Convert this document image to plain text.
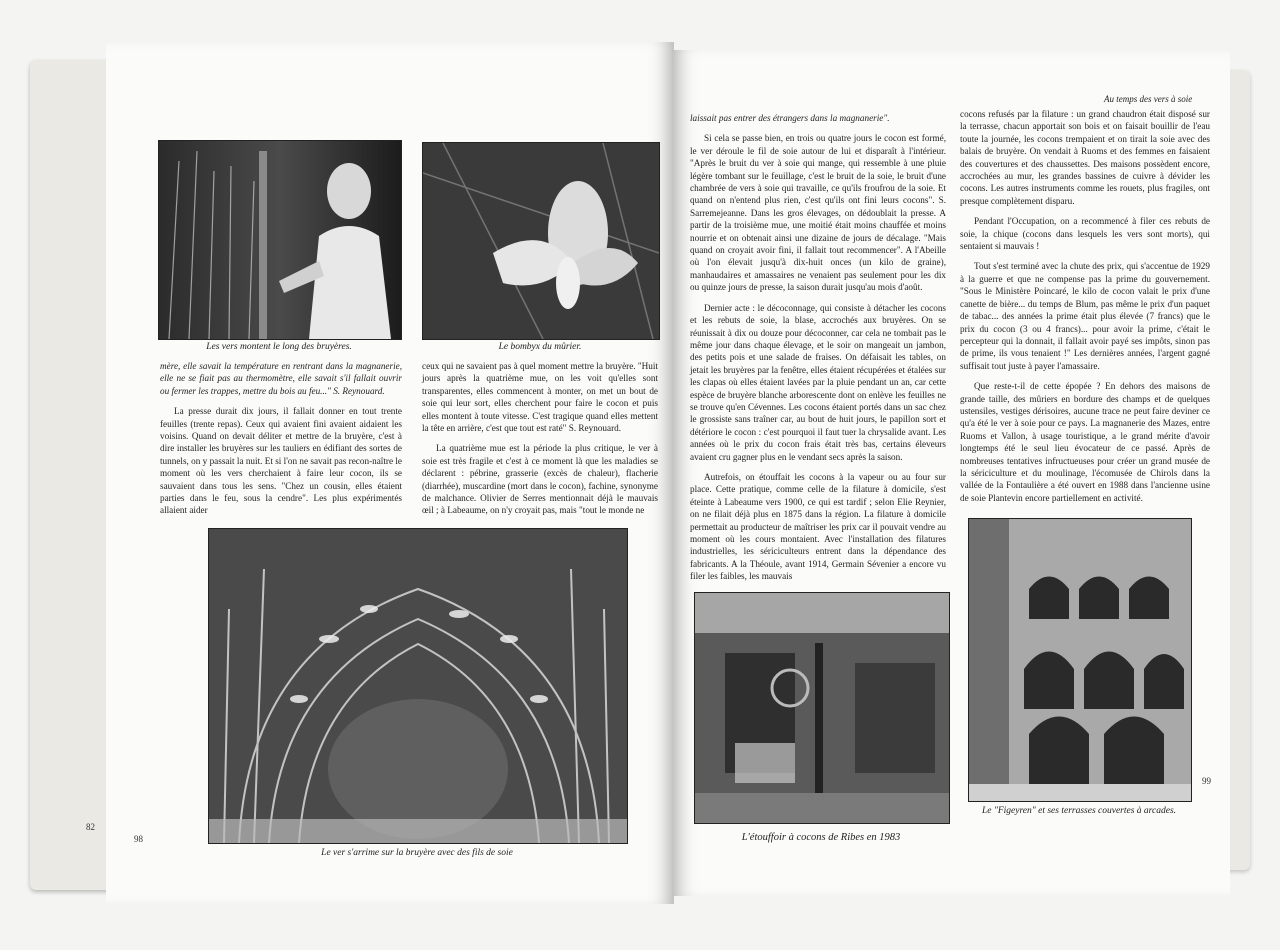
82
Les vers montent le long des bruyères.	Le bombyx du mûrier.

mère, elle savait la température en rentrant dans la magnanerie, elle ne se fiait pas au thermomètre, elle savait s'il fallait ouvrir ou fermer les trappes, mettre du bois au feu..." S. Reynouard.

La presse durait dix jours, il fallait donner en tout trente feuilles (trente repas). Ceux qui avaient fini avaient aidaient les voisins. Quand on devait déliter et mettre de la bruyère, c'est à dire installer les bruyères sur les tauliers en édifiant des sortes de tunnels, on y passait la nuit. Et si l'on ne savait pas recon-naître le moment où les vers cherchaient à faire leur cocon, ils se sauvaient dans tous les sens. "Chez un cousin, elles étaient parties dans le feu, sous la cendre". Les plus expérimentés allaient aider

ceux qui ne savaient pas à quel moment mettre la bruyère. "Huit jours après la quatrième mue, on les voit qu'elles sont transparentes, elles commencent à monter, on met un bout de soie qui leur sort, elles cherchent pour faire le cocon et puis elles montent à toute vitesse. C'est tragique quand elles mettent la tête en arrière, c'est que tout est raté" S. Reynouard.

La quatrième mue est la période la plus critique, le ver à soie est très fragile et c'est à ce moment là que les maladies se déclarent : pébrine, grasserie (excès de chaleur), flacherie (diarrhée), muscardine (mort dans le cocon), fachine, synonyme de malchance. Olivier de Serres mentionnait déjà le mauvais œil ; à Labeaume, on n'y croyait pas, mais "tout le monde ne

Le ver s'arrime sur la bruyère avec des fils de soie
98
Au temps des vers à soie

laissait pas entrer des étrangers dans la magnanerie".

Si cela se passe bien, en trois ou quatre jours le cocon est formé, le ver déroule le fil de soie autour de lui et disparaît à l'intérieur. "Après le bruit du ver à soie qui mange, qui ressemble à une pluie légère tombant sur le feuillage, c'est le bruit de la soie, le bruit d'une chambrée de vers à soie qui travaille, ce qu'ils froufrou de la soie. Et quand on n'entend plus rien, c'est qu'ils ont fini leurs cocons". S. Sarremejeanne. Dans les gros élevages, on dédoublait la presse. A partir de la troisième mue, une moitié était moins chauffée et moins nourrie et on obtenait ainsi une dizaine de jours de décalage. "Mais quand on croyait avoir fini, il fallait tout recommencer". A l'Abeille où l'on élevait jusqu'à dix-huit onces (un kilo de graine), manhaudaires et amassaires ne venaient pas seulement pour les dix ou quinze jours de presse, la saison durait jusqu'au mois d'août.

Dernier acte : le décoconnage, qui consiste à détacher les cocons et les rebuts de soie, la blase, accrochés aux bruyères. On se réunissait à dix ou douze pour décoconner, car cela ne tombait pas le même jour dans chaque élevage, et le soir on mangeait un jambon, des petits pois et une salade de fraises. On défaisait les tables, on jetait les bruyères par la fenêtre, elles étaient récupérées et étalées sur les clapas où elles étaient lavées par la pluie pendant un an, car cette espèce de bruyère blanche arborescente dont on enlève les feuilles ne se trouve qu'en Cévennes. Les cocons étaient portés dans un sac chez le grossiste sans traîner car, au bout de huit jours, le papillon sort et détériore le cocon : c'est pourquoi il faut tuer la chrysalide avant. Les années où le prix du cocon frais était très bas, certains éleveurs avaient cru gagner plus en le vendant secs après la saison.

Autrefois, on étouffait les cocons à la vapeur ou au four sur place. Cette pratique, comme celle de la filature à domicile, s'est éteinte à Labeaume vers 1900, ce qui est tardif ; selon Elie Reynier, on ne filait déjà plus en 1875 dans la région. La filature à domicile permettait au producteur de maîtriser les prix car il pouvait vendre au moment où les cours montaient. Avec l'installation des filatures industrielles, les sériciculteurs entrent dans la dépendance des fabricants. A la Théoule, avant 1914, Germain Sévenier a encore vu filer les faibles, les mauvais

cocons refusés par la filature : un grand chaudron était disposé sur la terrasse, chacun apportait son bois et on faisait bouillir de l'eau toute la journée, les cocons trempaient et on tirait la soie avec des balais de bruyère. On vendait à Ruoms et des femmes en faisaient des couvertures et des chaussettes. Des maisons possèdent encore, accrochées au mur, les grandes bassines de cuivre à dévider les cocons. Les autres instruments comme les rouets, plus fragiles, ont presque complètement disparu.

Pendant l'Occupation, on a recommencé à filer ces rebuts de soie, la chique (cocons dans lesquels les vers sont morts), qui sentaient si mauvais !

Tout s'est terminé avec la chute des prix, qui s'accentue de 1929 à la guerre et que ne compense pas la prime du gouvernement. "Sous le Ministère Poincaré, le kilo de cocon valait le prix d'une canette de bière... du temps de Blum, pas même le prix d'un paquet de tabac... des années la prime était plus élevée (7 francs) que le prix du cocon (3 ou 4 francs)... pour avoir la prime, c'était le percepteur qui la donnait, il fallait avoir payé ses impôts, sinon pas de prime, ils vous tenaient !" Les dernières années, l'argent gagné suffisait tout juste à payer l'amassaire.

Que reste-t-il de cette épopée ? En dehors des maisons de grande taille, des mûriers en bordure des champs et de quelques ustensiles, vestiges dérisoires, aucune trace ne peut faire deviner ce qu'a été le ver à soie pour ce pays. La magnanerie des Mazes, entre Ruoms et Vallon, à usage touristique, a le grand mérite d'avoir longtemps été le seul lieu évocateur de ce passé. Après de nombreuses tentatives infructueuses pour créer un grand musée de la sériciculture et du moulinage, l'écomusée de Chirols dans la vallée de la Fontaulière a été ouvert en 1988 dans l'ancienne usine de soie Plantevin encore partiellement en activité.

L'étouffoir à cocons de Ribes en 1983
Le "Figeyren" et ses terrasses couvertes à arcades.
99
